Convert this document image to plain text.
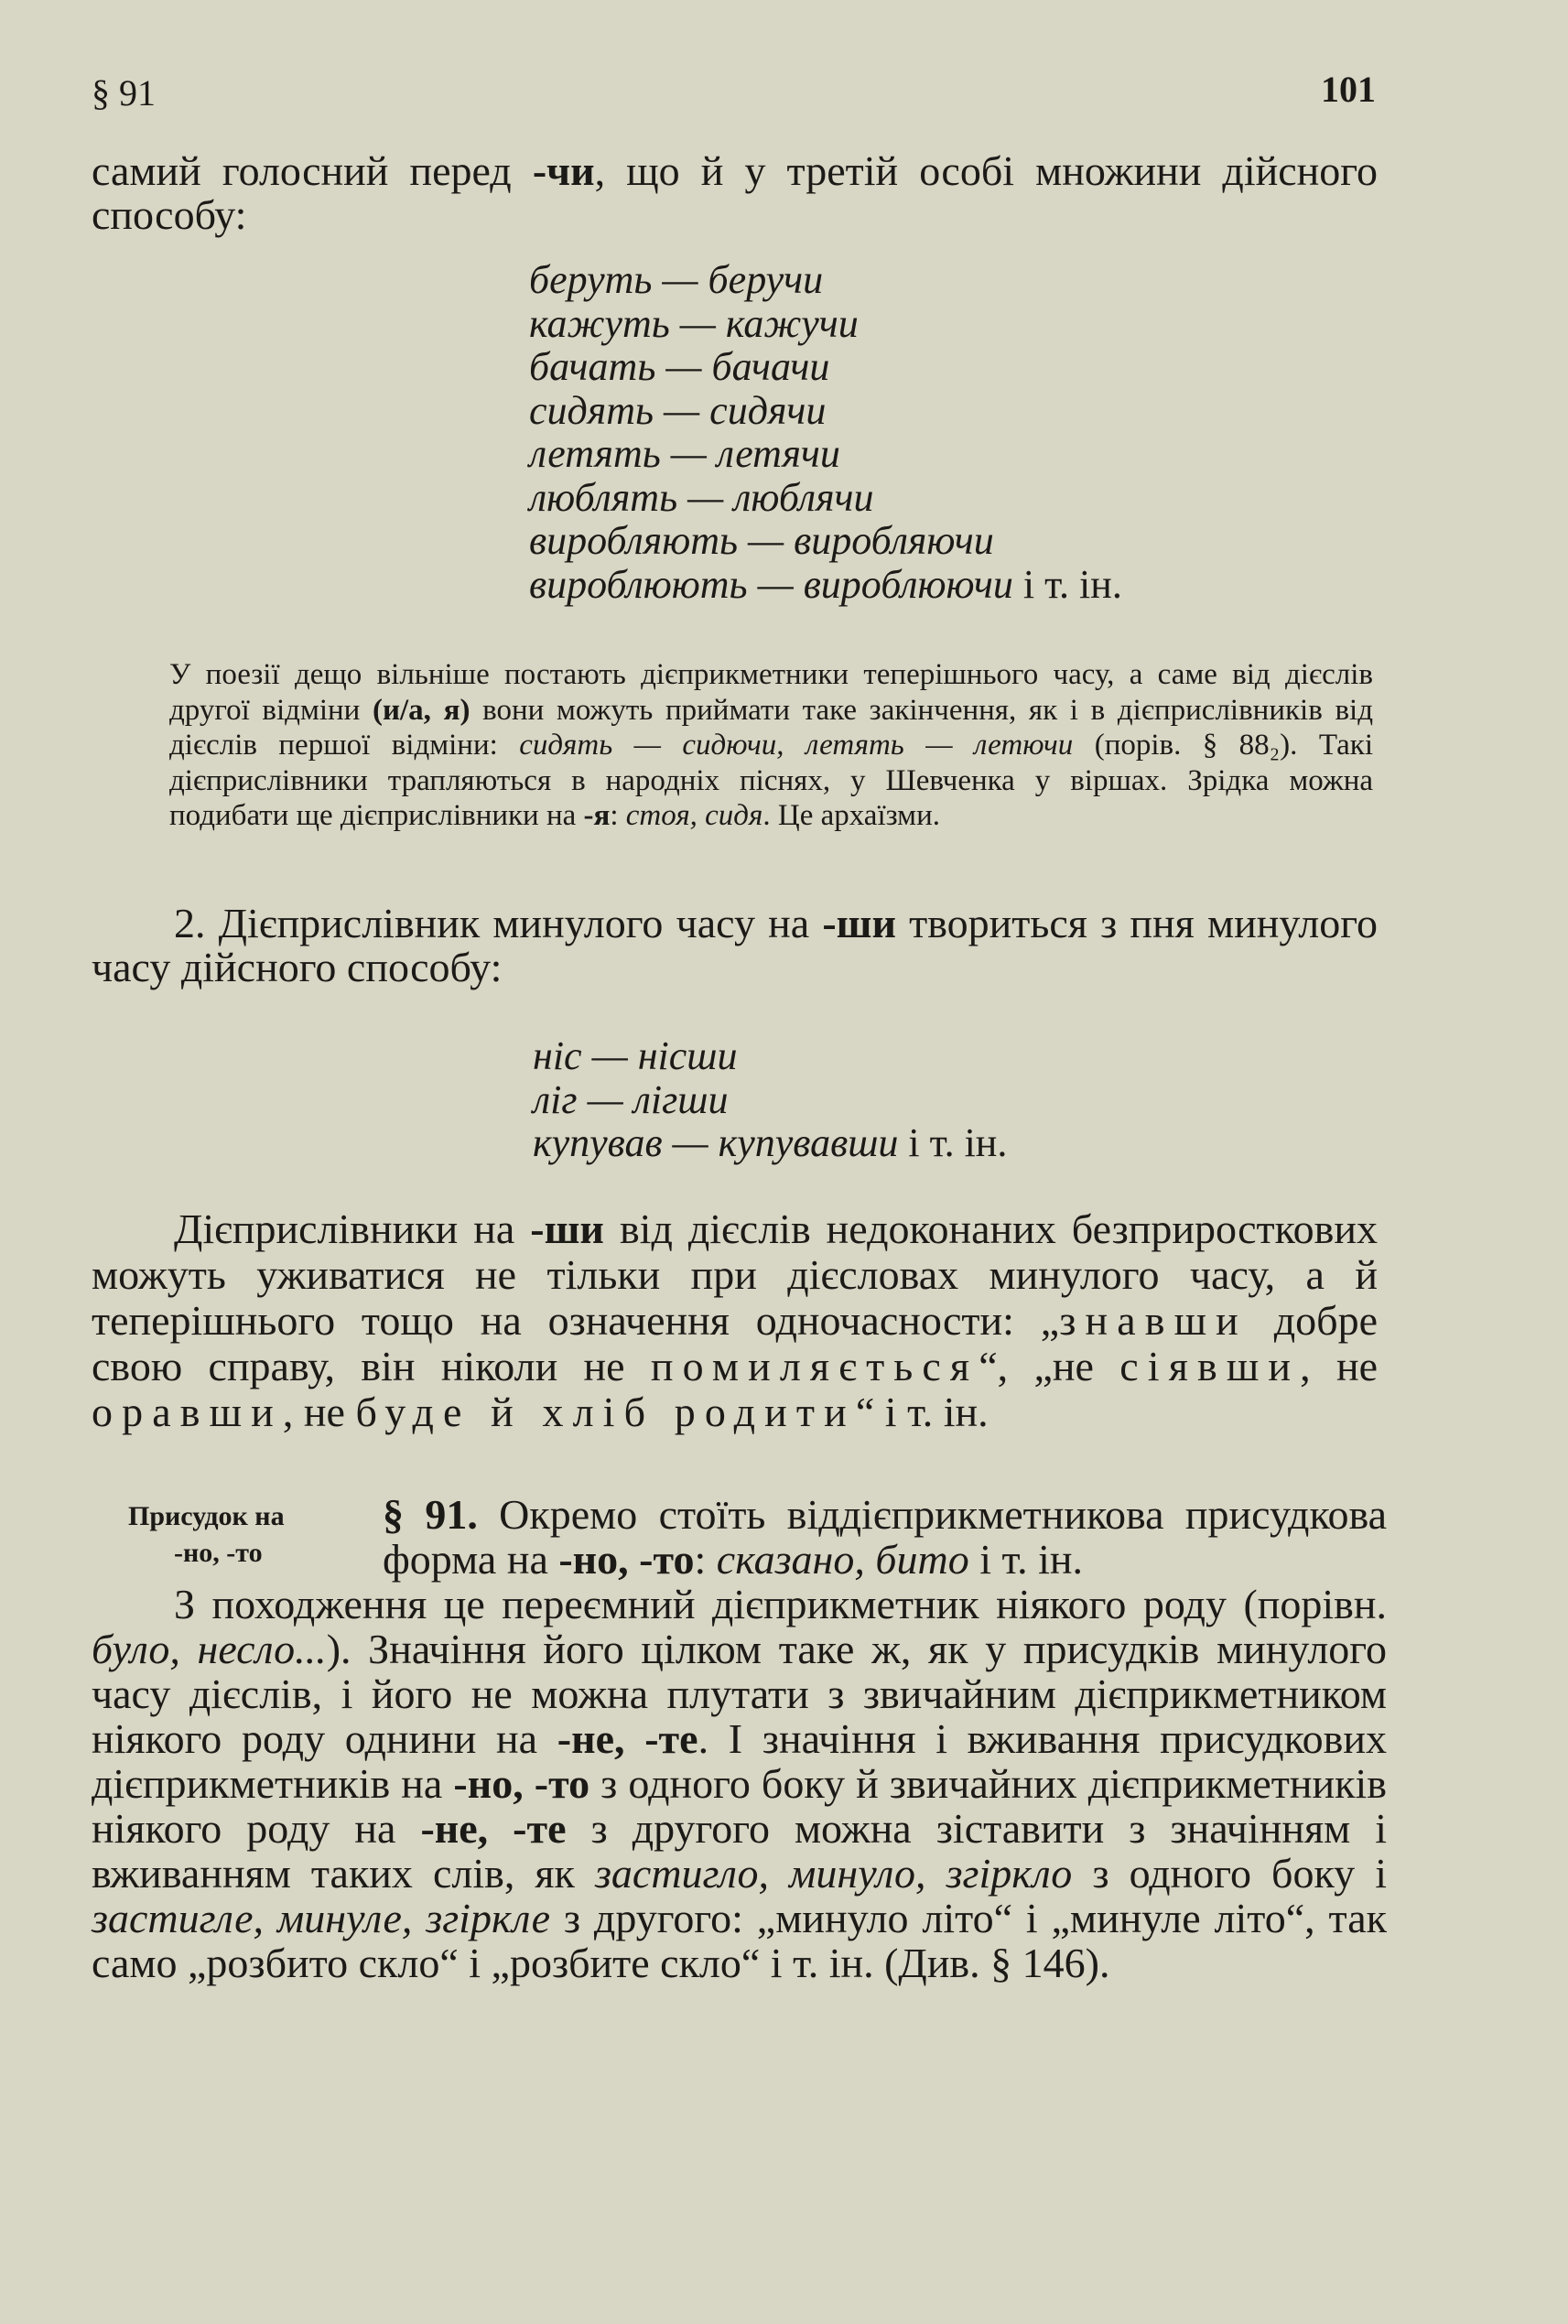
§ 91	101

самий голосний перед -чи, що й у третій особі множини дійсного способу:

беруть — беручи
кажуть — кажучи
бачать — бачачи
сидять — сидячи
летять — летячи
люблять — люблячи
виробляють — виробляючи
вироблюють — вироблюючи і т. ін.

У поезії дещо вільніше постають дієприкметники теперішнього часу, а саме від дієслів другої відміни (и/а, я) вони можуть приймати таке закінчення, як і в дієприслівників від дієслів першої відміни: сидять — сидючи, летять — летючи (порів. § 88₂). Такі дієприслівники трапляються в народніх піснях, у Шевченка у віршах. Зрідка можна подибати ще дієприслівники на -я: стоя, сидя. Це архаїзми.

2. Дієприслівник минулого часу на -ши твориться з пня минулого часу дійсного способу:

ніс — нісши
ліг — лігши
купував — купувавши і т. ін.

Дієприслівники на -ши від дієслів недоконаних безприросткових можуть уживатися не тільки при дієсловах минулого часу, а й теперішнього тощо на означення одночасности: „знавши добре свою справу, він ніколи не помиляється“, „не сіявши, не оравши, не буде й хліб родити“ і т. ін.

Присудок на
-но, -то

§ 91. Окремо стоїть віддієприкметникова присудкова форма на -но, -то: сказано, бито і т. ін.

З походження це переємний дієприкметник ніякого роду (порівн. було, несло...). Значіння його цілком таке ж, як у присудків минулого часу дієслів, і його не можна плутати з звичайним дієприкметником ніякого роду однини на -не, -те. І значіння і вживання присудкових дієприкметників на -но, -то з одного боку й звичайних дієприкметників ніякого роду на -не, -те з другого можна зіставити з значінням і вживанням таких слів, як застигло, минуло, згіркло з одного боку і застигле, минуле, згіркле з другого: „минуло літо“ і „минуле літо“, так само „розбито скло“ і „розбите скло“ і т. ін. (Див. § 146).
